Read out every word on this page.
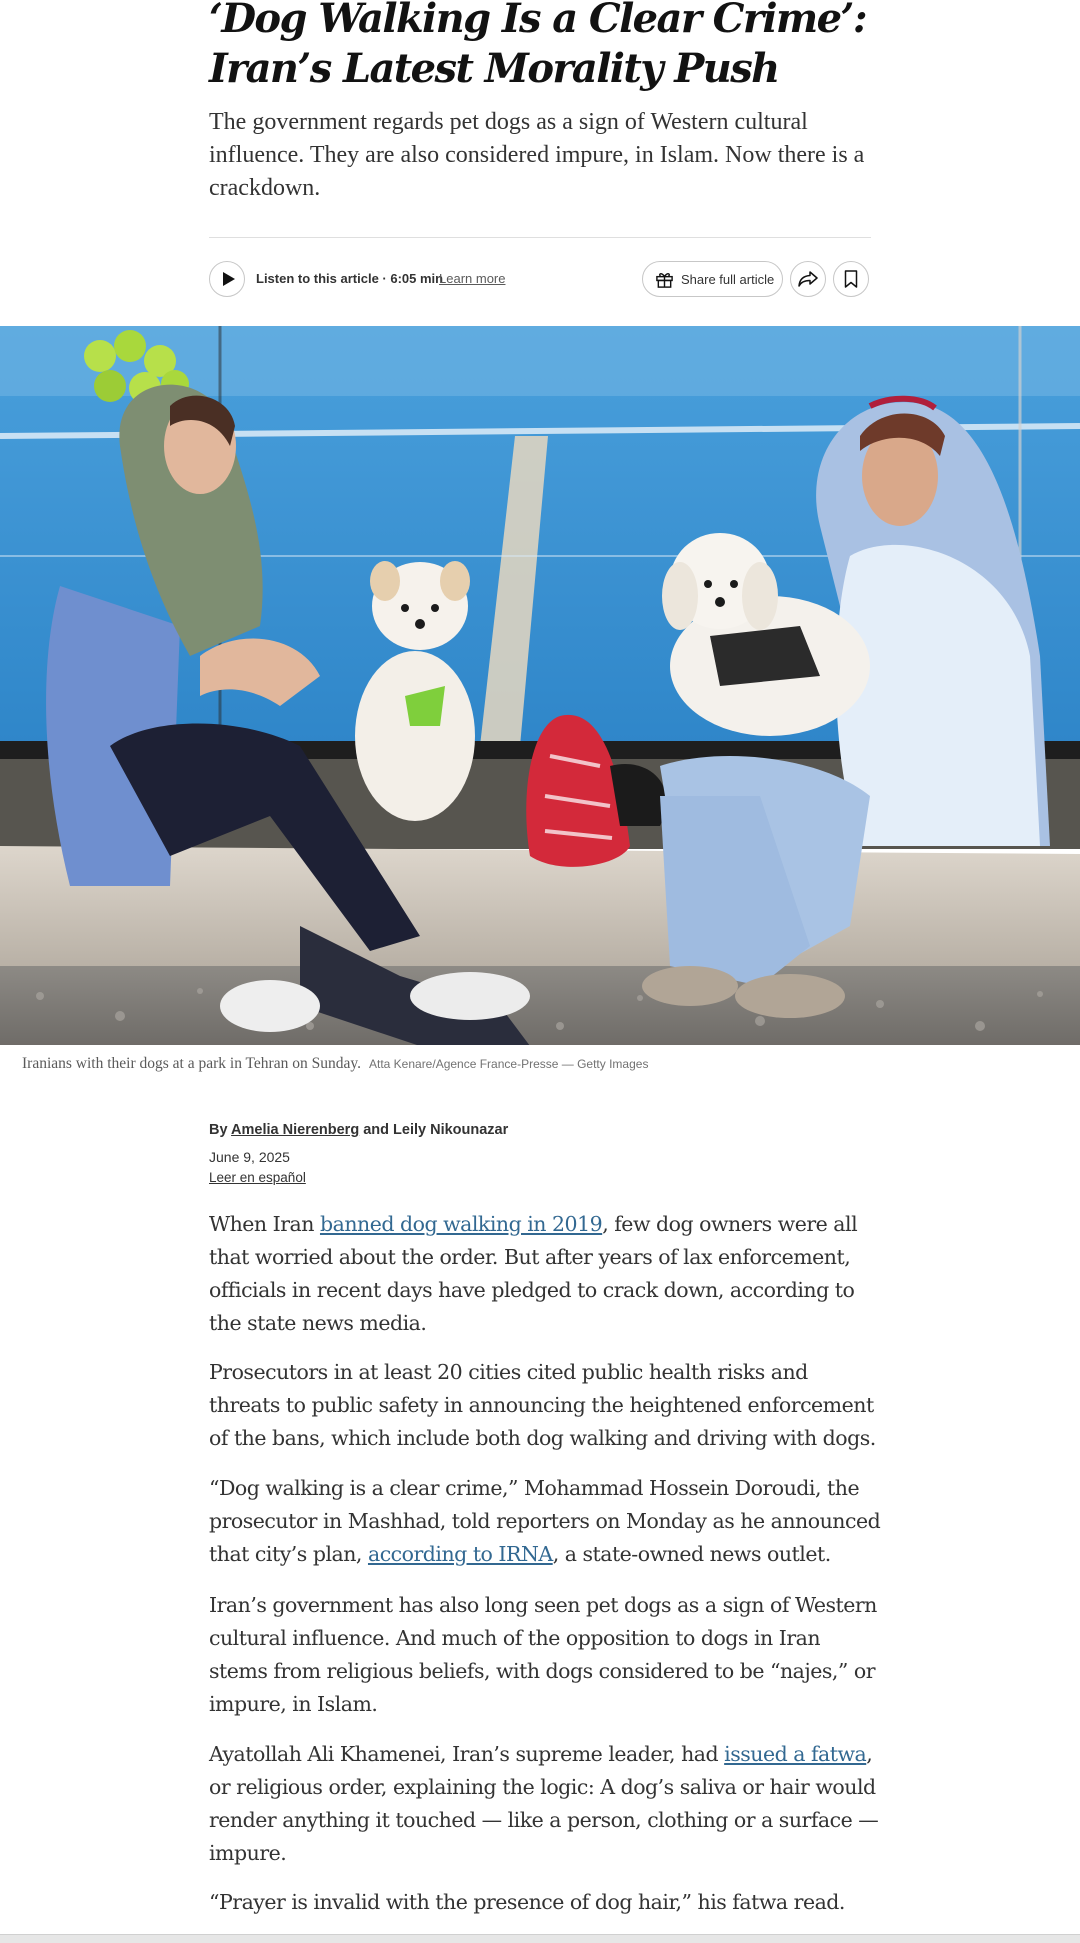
‘Dog Walking Is a Clear Crime’: Iran’s Latest Morality Push

The government regards pet dogs as a sign of Western cultural influence. They are also considered impure, in Islam. Now there is a crackdown.

Listen to this article · 6:05 min
Learn more	Share full article
Iranians with their dogs at a park in Tehran on Sunday. Atta Kenare/Agence France-Presse — Getty Images
By Amelia Nierenberg and Leily Nikounazar
June 9, 2025
Leer en español

When Iran banned dog walking in 2019, few dog owners were all that worried about the order. But after years of lax enforcement, officials in recent days have pledged to crack down, according to the state news media.

Prosecutors in at least 20 cities cited public health risks and threats to public safety in announcing the heightened enforcement of the bans, which include both dog walking and driving with dogs.

“Dog walking is a clear crime,” Mohammad Hossein Doroudi, the prosecutor in Mashhad, told reporters on Monday as he announced that city’s plan, according to IRNA, a state-owned news outlet.

Iran’s government has also long seen pet dogs as a sign of Western cultural influence. And much of the opposition to dogs in Iran stems from religious beliefs, with dogs considered to be “najes,” or impure, in Islam.

Ayatollah Ali Khamenei, Iran’s supreme leader, had issued a fatwa, or religious order, explaining the logic: A dog’s saliva or hair would render anything it touched — like a person, clothing or a surface — impure.

“Prayer is invalid with the presence of dog hair,” his fatwa read.
